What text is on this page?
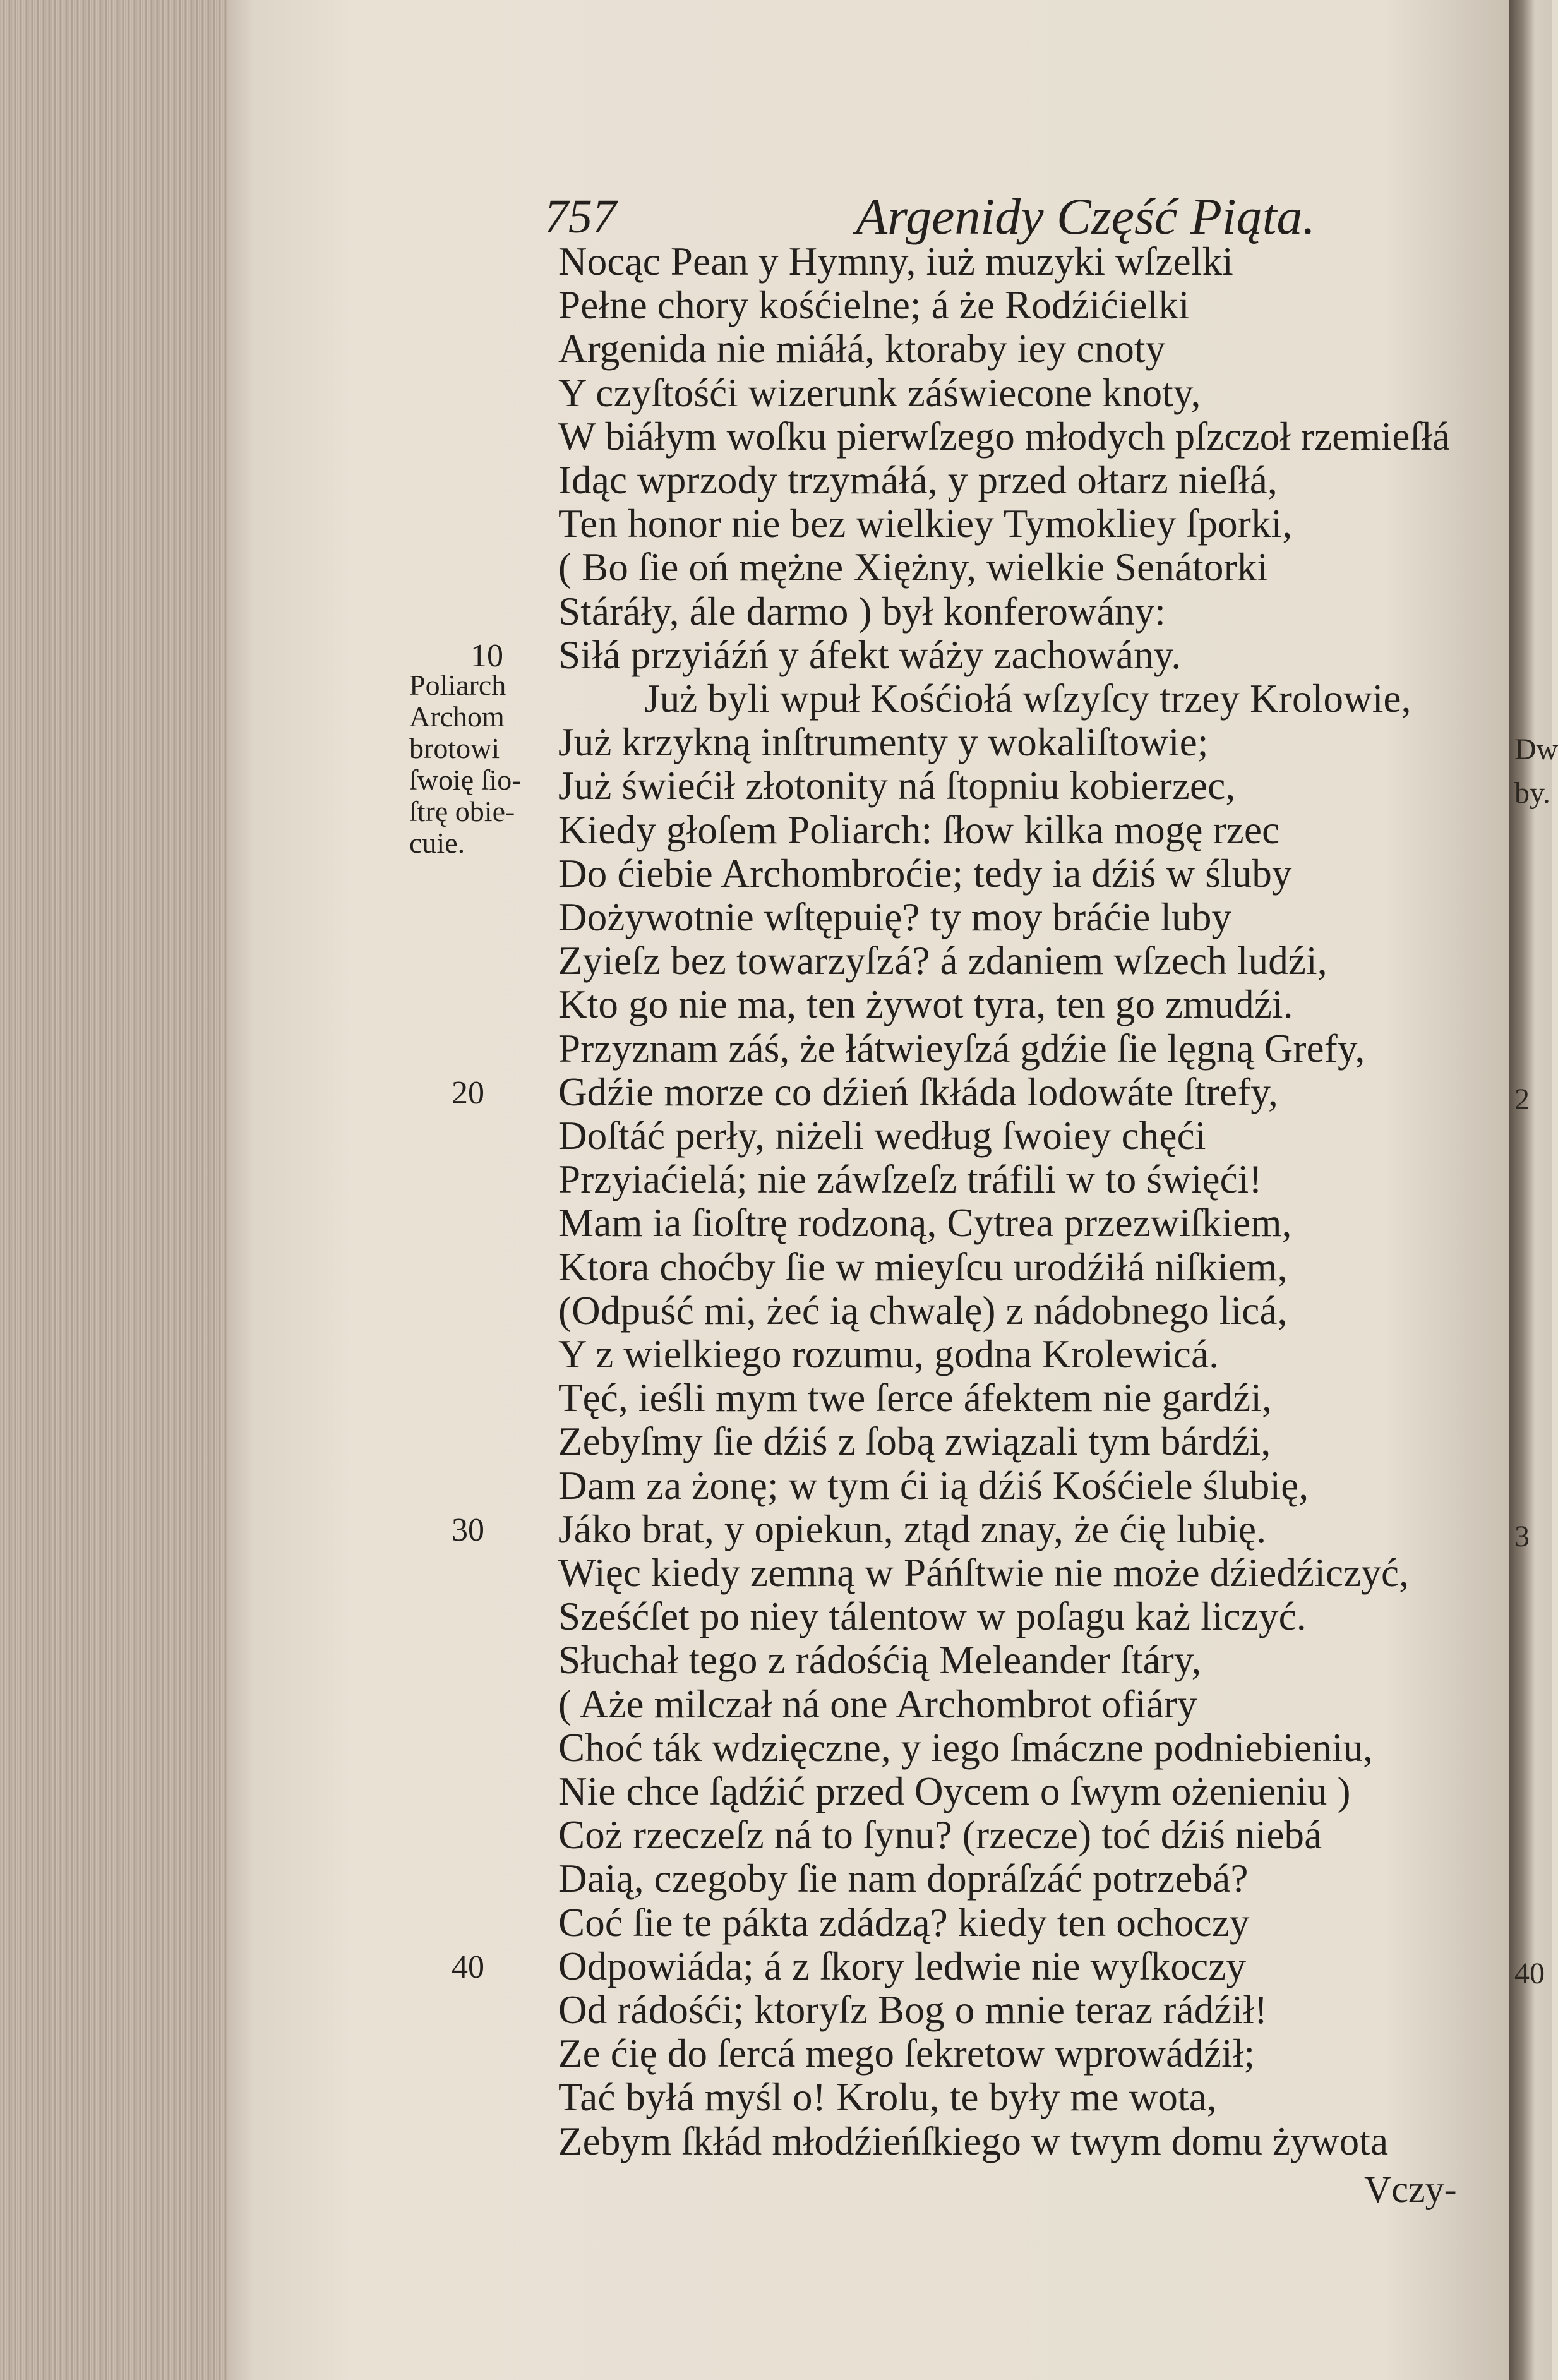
757	Argenidy Część Piąta.
Nocąc Pean y Hymny, iuż muzyki wſzelki
Pełne chory kośćielne; á że Rodźićielki
Argenida nie miáłá, ktoraby iey cnoty
Y czyſtośći wizerunk záświecone knoty,
W biáłym woſku pierwſzego młodych pſzczoł rzemieſłá
Idąc wprzody trzymáłá, y przed ołtarz nieſłá,
Ten honor nie bez wielkiey Tymokliey ſporki,
( Bo ſie oń mężne Xiężny, wielkie Senátorki
Stáráły, ále darmo ) był konferowány:
Siłá przyiáźń y áfekt wáży zachowány.
Już byli wpuł Kośćiołá wſzyſcy trzey Krolowie,
Już krzykną inſtrumenty y wokaliſtowie;
Już świećił złotonity ná ſtopniu kobierzec,
Kiedy głoſem Poliarch: ſłow kilka mogę rzec
Do ćiebie Archombroćie; tedy ia dźiś w śluby
Dożywotnie wſtępuię? ty moy bráćie luby
Zyieſz bez towarzyſzá? á zdaniem wſzech ludźi,
Kto go nie ma, ten żywot tyra, ten go zmudźi.
Przyznam záś, że łátwieyſzá gdźie ſie lęgną Grefy,
Gdźie morze co dźień ſkłáda lodowáte ſtrefy,
Doſtáć perły, niżeli według ſwoiey chęći
Przyiaćielá; nie záwſzeſz tráfili w to święći!
Mam ia ſioſtrę rodzoną, Cytrea przezwiſkiem,
Ktora choćby ſie w mieyſcu urodźiłá niſkiem,
(Odpuść mi, żeć ią chwalę) z nádobnego licá,
Y z wielkiego rozumu, godna Krolewicá.
Tęć, ieśli mym twe ſerce áfektem nie gardźi,
Zebyſmy ſie dźiś z ſobą związali tym bárdźi,
Dam za żonę; w tym ći ią dźiś Kośćiele ślubię,
Jáko brat, y opiekun, ztąd znay, że ćię lubię.
Więc kiedy zemną w Páńſtwie nie może dźiedźiczyć,
Sześćſet po niey tálentow w poſagu każ liczyć.
Słuchał tego z rádośćią Meleander ſtáry,
( Aże milczał ná one Archombrot ofiáry
Choć ták wdzięczne, y iego ſmáczne podniebieniu,
Nie chce ſądźić przed Oycem o ſwym ożenieniu )
Coż rzeczeſz ná to ſynu? (rzecze) toć dźiś niebá
Daią, czegoby ſie nam dopráſzáć potrzebá?
Coć ſie te pákta zdádzą? kiedy ten ochoczy
Odpowiáda; á z ſkory ledwie nie wyſkoczy
Od rádośći; ktoryſz Bog o mnie teraz rádźił!
Ze ćię do ſercá mego ſekretow wprowádźił;
Tać byłá myśl o! Krolu, te były me wota,
Zebym ſkłád młodźieńſkiego w twym domu żywota
10
20
30
40
Poliarch
Archom
brotowi
ſwoię ſio-
ſtrę obie-
cuie.
Dw
by.
2
3
40
Vczy-
